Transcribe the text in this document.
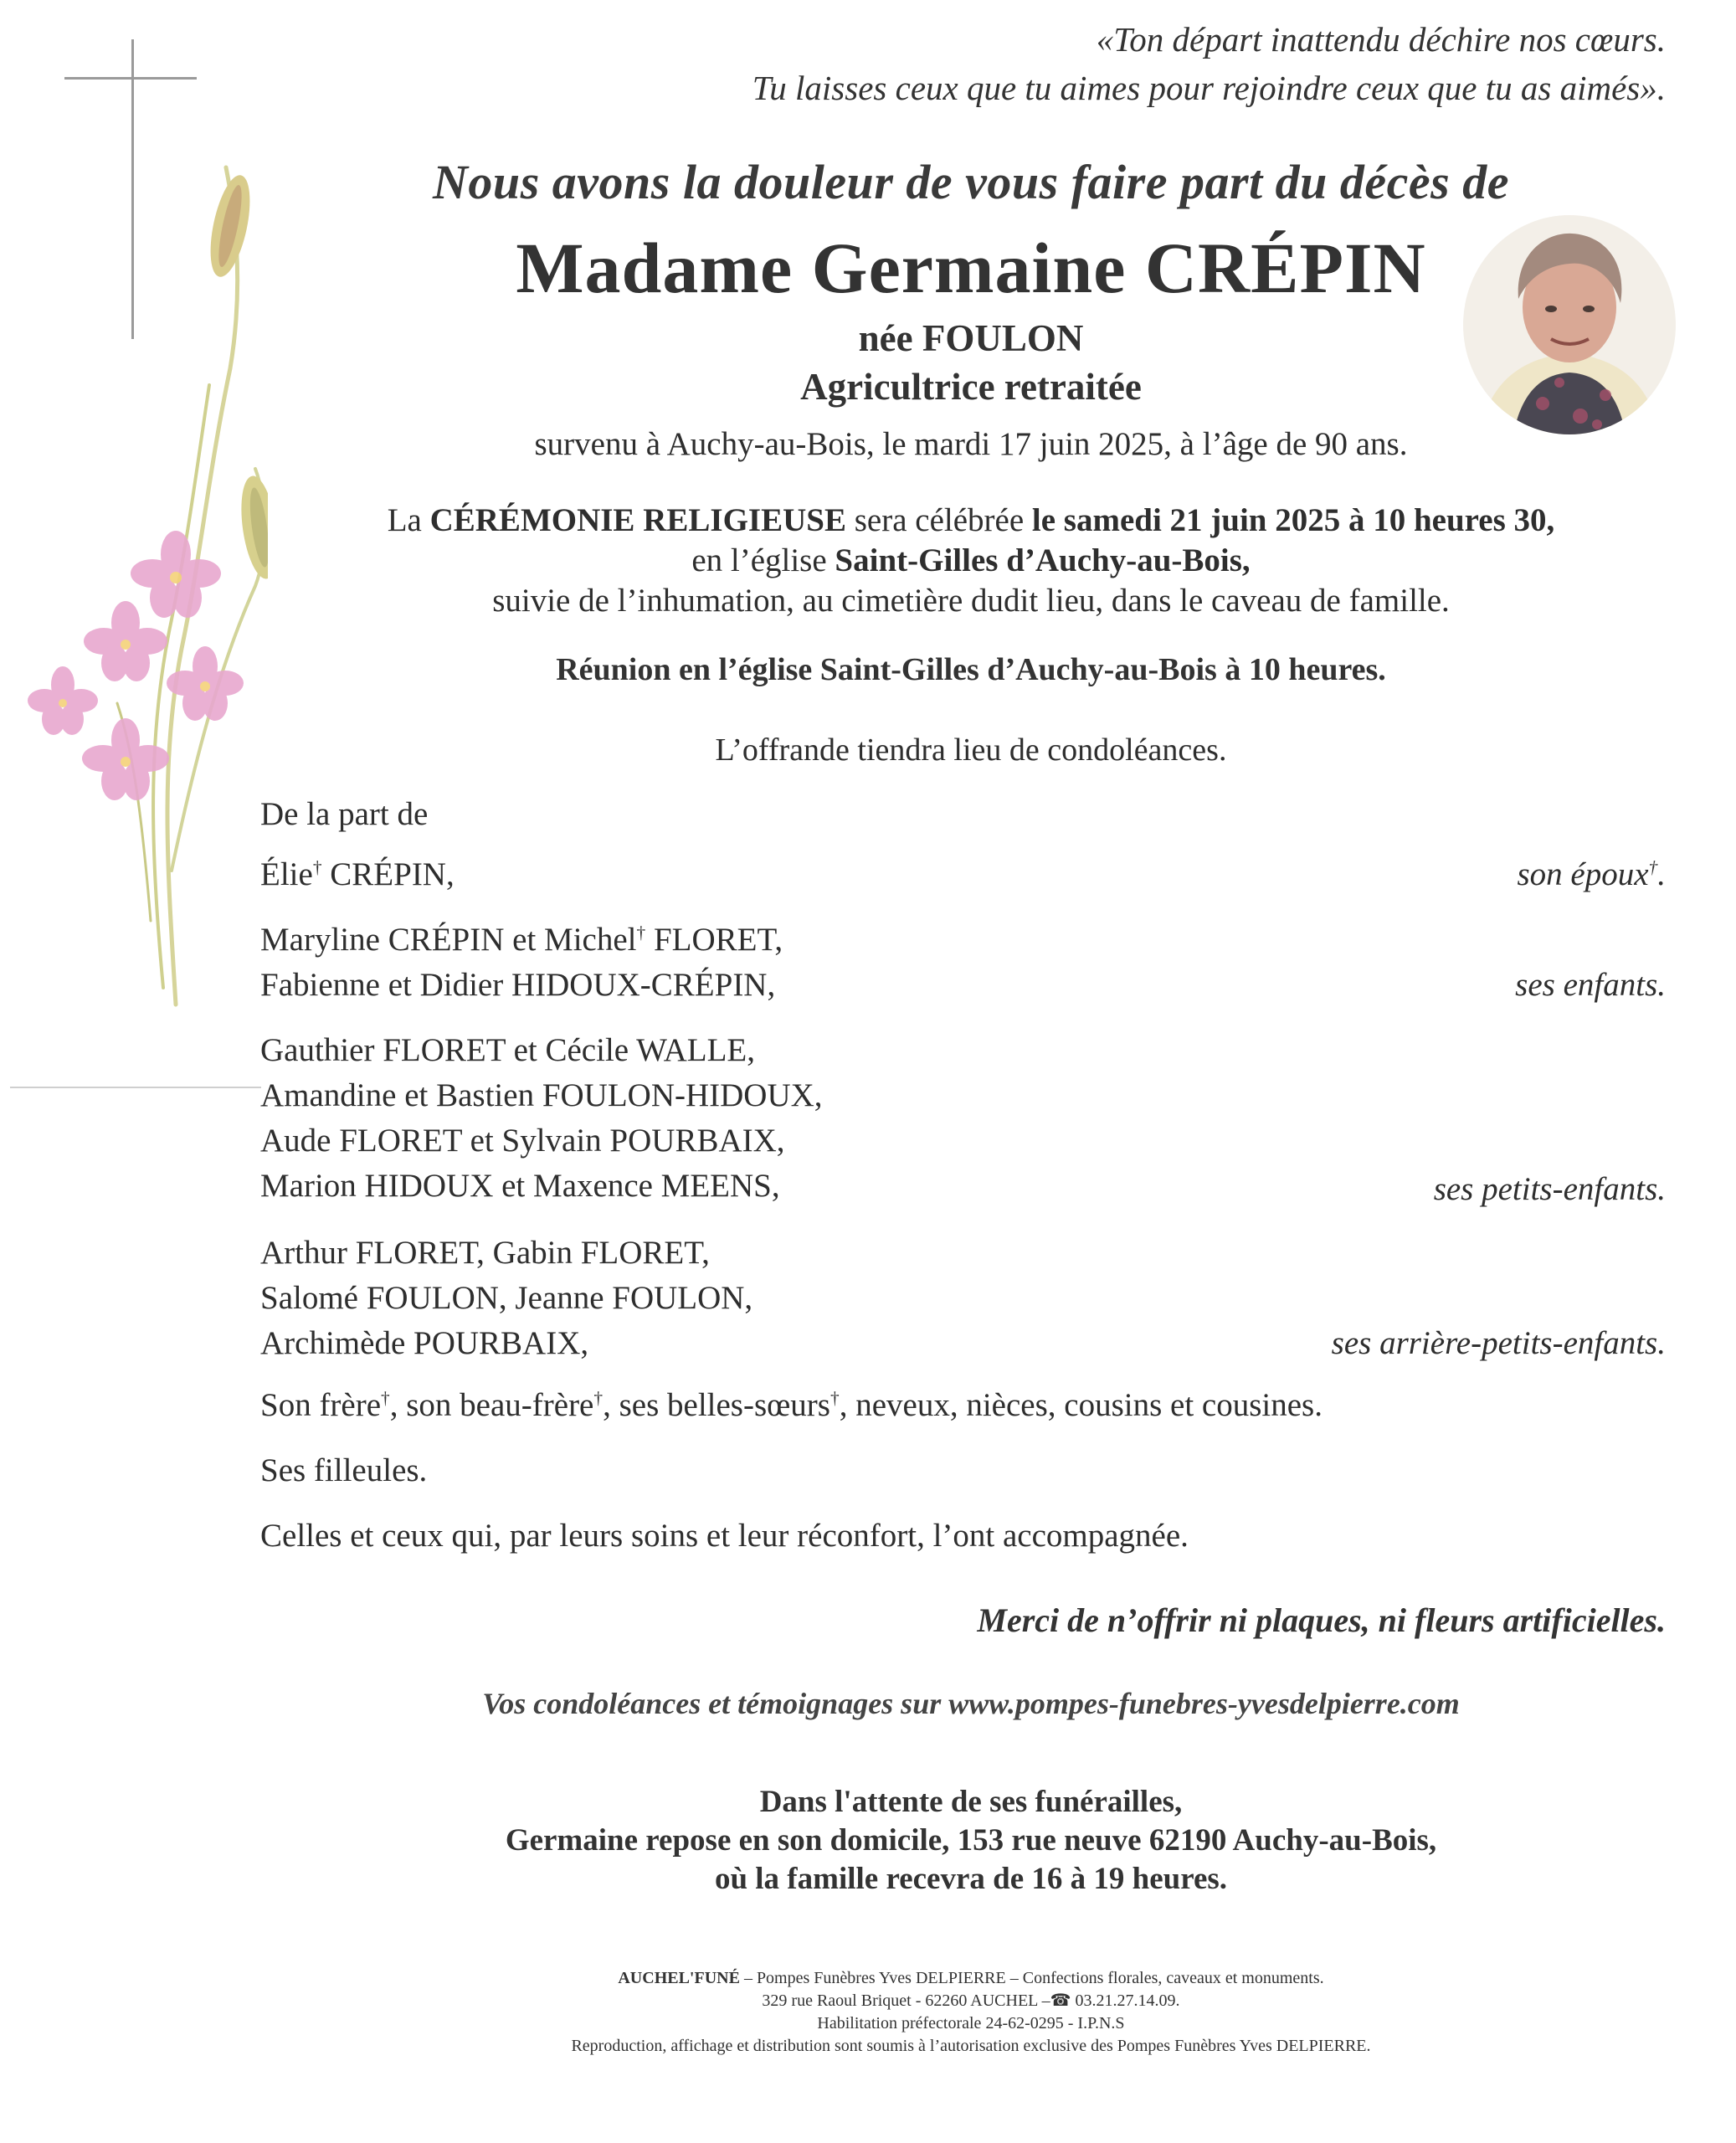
«Ton départ inattendu déchire nos cœurs.
Tu laisses ceux que tu aimes pour rejoindre ceux que tu as aimés».
Nous avons la douleur de vous faire part du décès de
Madame Germaine CRÉPIN
née FOULON
Agricultrice retraitée
survenu à Auchy-au-Bois, le mardi 17 juin 2025, à l’âge de 90 ans.
La CÉRÉMONIE RELIGIEUSE sera célébrée le samedi 21 juin 2025 à 10 heures 30,
en l’église Saint-Gilles d’Auchy-au-Bois,
suivie de l’inhumation, au cimetière dudit lieu, dans le caveau de famille.
Réunion en l’église Saint-Gilles d’Auchy-au-Bois à 10 heures.
L’offrande tiendra lieu de condoléances.
De la part de
Élie† CRÉPIN,	son époux†.
Maryline CRÉPIN et Michel† FLORET,
Fabienne et Didier HIDOUX-CRÉPIN,	ses enfants.
Gauthier FLORET et Cécile WALLE,
Amandine et Bastien FOULON-HIDOUX,
Aude FLORET et Sylvain POURBAIX,
Marion HIDOUX et Maxence MEENS,	ses petits-enfants.
Arthur FLORET, Gabin FLORET,
Salomé FOULON, Jeanne FOULON,
Archimède POURBAIX,	ses arrière-petits-enfants.
Son frère†, son beau-frère†, ses belles-sœurs†, neveux, nièces, cousins et cousines.
Ses filleules.
Celles et ceux qui, par leurs soins et leur réconfort, l’ont accompagnée.
Merci de n’offrir ni plaques, ni fleurs artificielles.
Vos condoléances et témoignages sur www.pompes-funebres-yvesdelpierre.com
Dans l'attente de ses funérailles,
Germaine repose en son domicile, 153 rue neuve 62190 Auchy-au-Bois,
où la famille recevra de 16 à 19 heures.
AUCHEL'FUNÉ – Pompes Funèbres Yves DELPIERRE – Confections florales, caveaux et monuments.
329 rue Raoul Briquet - 62260 AUCHEL –☎ 03.21.27.14.09.
Habilitation préfectorale 24-62-0295 - I.P.N.S
Reproduction, affichage et distribution sont soumis à l’autorisation exclusive des Pompes Funèbres Yves DELPIERRE.
